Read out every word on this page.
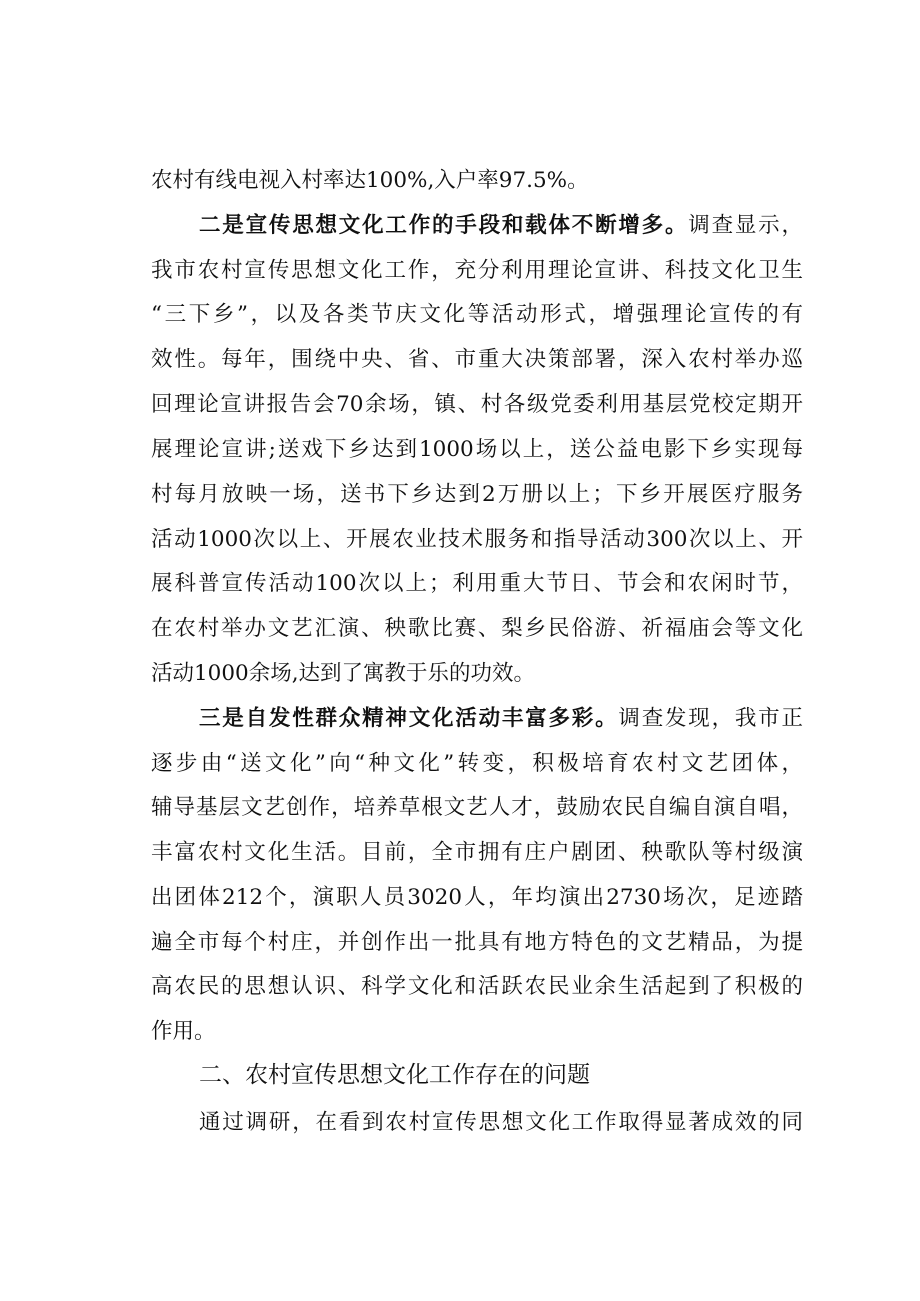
农村有线电视入村率达100%,入户率97.5%。
二是宣传思想文化工作的手段和载体不断增多。调查显示，
我市农村宣传思想文化工作，充分利用理论宣讲、科技文化卫生
“三下乡”，以及各类节庆文化等活动形式，增强理论宣传的有
效性。每年，围绕中央、省、市重大决策部署，深入农村举办巡
回理论宣讲报告会70余场，镇、村各级党委利用基层党校定期开
展理论宣讲;送戏下乡达到1000场以上，送公益电影下乡实现每
村每月放映一场，送书下乡达到2万册以上；下乡开展医疗服务
活动1000次以上、开展农业技术服务和指导活动300次以上、开
展科普宣传活动100次以上；利用重大节日、节会和农闲时节，
在农村举办文艺汇演、秧歌比赛、梨乡民俗游、祈福庙会等文化
活动1000余场,达到了寓教于乐的功效。
三是自发性群众精神文化活动丰富多彩。调查发现，我市正
逐步由“送文化”向“种文化”转变，积极培育农村文艺团体，
辅导基层文艺创作，培养草根文艺人才，鼓励农民自编自演自唱，
丰富农村文化生活。目前，全市拥有庄户剧团、秧歌队等村级演
出团体212个，演职人员3020人，年均演出2730场次，足迹踏
遍全市每个村庄，并创作出一批具有地方特色的文艺精品，为提
高农民的思想认识、科学文化和活跃农民业余生活起到了积极的
作用。
二、农村宣传思想文化工作存在的问题
通过调研，在看到农村宣传思想文化工作取得显著成效的同
